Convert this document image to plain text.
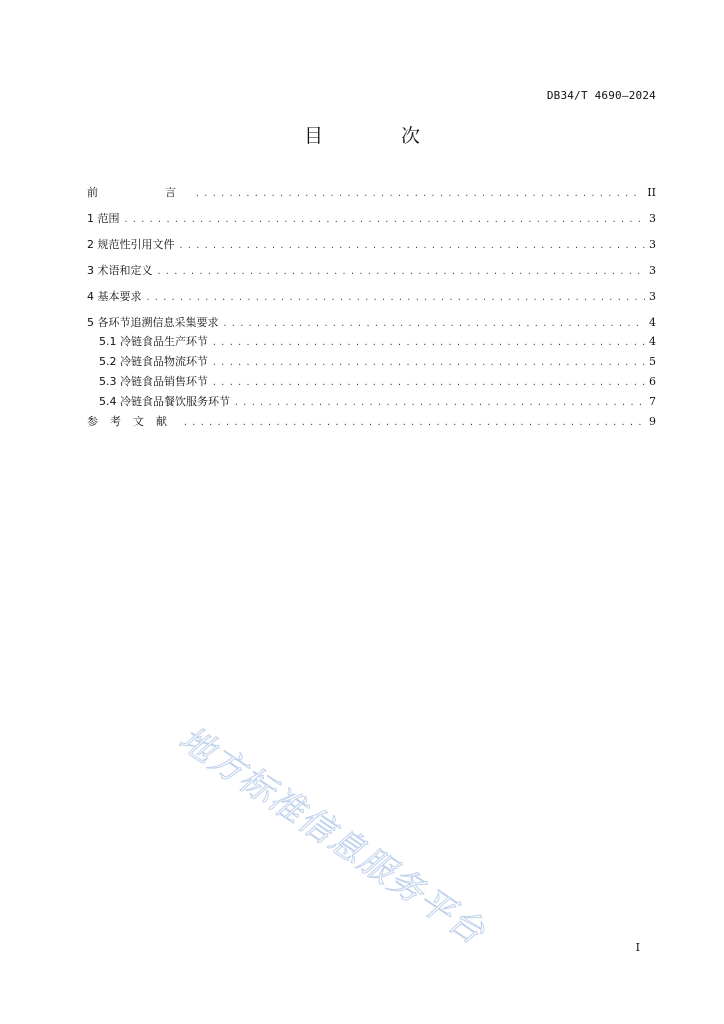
DB34/T 4690—2024
目 次
前　　言 .....	II
1 范围 .....	3
2 规范性引用文件 .....	3
3 术语和定义 .....	3
4 基本要求 .....	3
5 各环节追溯信息采集要求 .....	4
5.1 冷链食品生产环节 .....	4
5.2 冷链食品物流环节 .....	5
5.3 冷链食品销售环节 .....	6
5.4 冷链食品餐饮服务环节 .....	7
参考文献 .....	9
地方标准信息服务平台	I
